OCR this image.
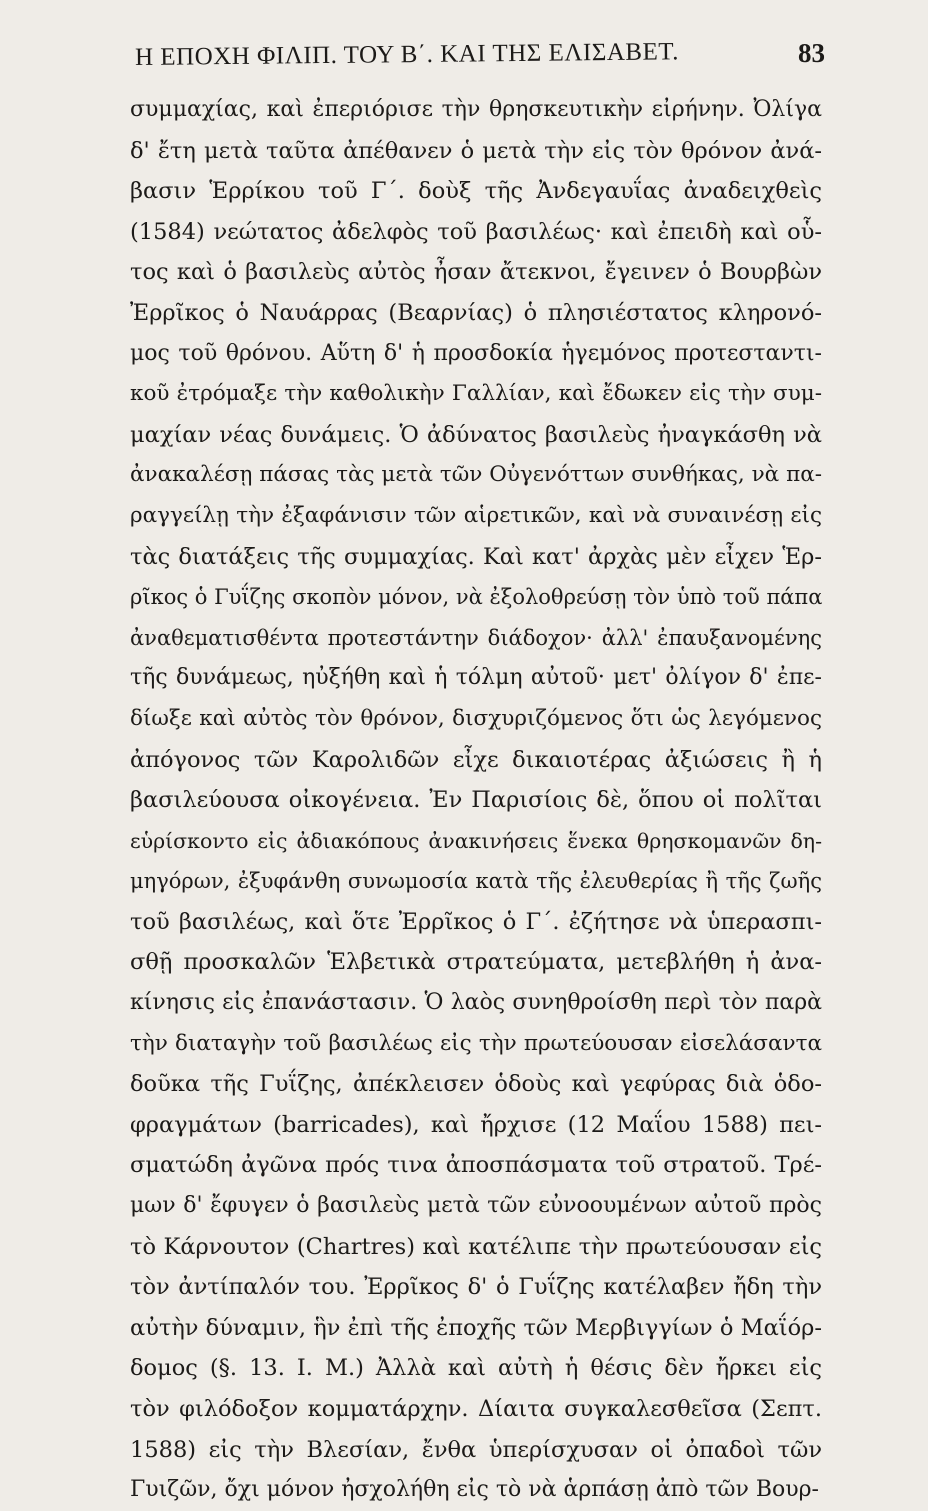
Η ΕΠΟΧΗ ΦΙΛΙΠ. ΤΟΥ Β΄. ΚΑΙ ΤΗΣ ΕΛΙΣΑΒΕΤ.	83
συμμαχίας, καὶ ἐπεριόρισε τὴν θρησκευτικὴν εἰρήνην. Ὀλίγα
δ' ἔτη μετὰ ταῦτα ἀπέθανεν ὁ μετὰ τὴν εἰς τὸν θρόνον ἀνά-
βασιν Ἑρρίκου τοῦ Γ΄. δοὺξ τῆς Ἀνδεγαυΐας ἀναδειχθεὶς
(1584) νεώτατος ἀδελφὸς τοῦ βασιλέως· καὶ ἐπειδὴ καὶ οὗ-
τος καὶ ὁ βασιλεὺς αὐτὸς ἦσαν ἄτεκνοι, ἔγεινεν ὁ Βουρβὼν
Ἐρρῖκος ὁ Ναυάρρας (Βεαρνίας) ὁ πλησιέστατος κληρονό-
μος τοῦ θρόνου. Αὕτη δ' ἡ προσδοκία ἡγεμόνος προτεσταντι-
κοῦ ἐτρόμαξε τὴν καθολικὴν Γαλλίαν, καὶ ἔδωκεν εἰς τὴν συμ-
μαχίαν νέας δυνάμεις. Ὁ ἀδύνατος βασιλεὺς ἠναγκάσθη νὰ
ἀνακαλέσῃ πάσας τὰς μετὰ τῶν Οὐγενόττων συνθήκας, νὰ πα-
ραγγείλῃ τὴν ἐξαφάνισιν τῶν αἱρετικῶν, καὶ νὰ συναινέσῃ εἰς
τὰς διατάξεις τῆς συμμαχίας. Καὶ κατ' ἀρχὰς μὲν εἶχεν Ἑρ-
ρῖκος ὁ Γυΐζης σκοπὸν μόνον, νὰ ἐξολοθρεύσῃ τὸν ὑπὸ τοῦ πάπα
ἀναθεματισθέντα προτεστάντην διάδοχον· ἀλλ' ἐπαυξανομένης
τῆς δυνάμεως, ηὐξήθη καὶ ἡ τόλμη αὐτοῦ· μετ' ὀλίγον δ' ἐπε-
δίωξε καὶ αὐτὸς τὸν θρόνον, δισχυριζόμενος ὅτι ὡς λεγόμενος
ἀπόγονος τῶν Καρολιδῶν εἶχε δικαιοτέρας ἀξιώσεις ἢ ἡ
βασιλεύουσα οἰκογένεια. Ἐν Παρισίοις δὲ, ὅπου οἱ πολῖται
εὑρίσκοντο εἰς ἀδιακόπους ἀνακινήσεις ἕνεκα θρησκομανῶν δη-
μηγόρων, ἐξυφάνθη συνωμοσία κατὰ τῆς ἐλευθερίας ἢ τῆς ζωῆς
τοῦ βασιλέως, καὶ ὅτε Ἐρρῖκος ὁ Γ΄. ἐζήτησε νὰ ὑπερασπι-
σθῇ προσκαλῶν Ἑλβετικὰ στρατεύματα, μετεβλήθη ἡ ἀνα-
κίνησις εἰς ἐπανάστασιν. Ὁ λαὸς συνηθροίσθη περὶ τὸν παρὰ
τὴν διαταγὴν τοῦ βασιλέως εἰς τὴν πρωτεύουσαν εἰσελάσαντα
δοῦκα τῆς Γυΐζης, ἀπέκλεισεν ὁδοὺς καὶ γεφύρας διὰ ὁδο-
φραγμάτων (barricades), καὶ ἤρχισε (12 Μαΐου 1588) πει-
σματώδη ἀγῶνα πρός τινα ἀποσπάσματα τοῦ στρατοῦ. Τρέ-
μων δ' ἔφυγεν ὁ βασιλεὺς μετὰ τῶν εὐνοουμένων αὐτοῦ πρὸς
τὸ Κάρνουτον (Chartres) καὶ κατέλιπε τὴν πρωτεύουσαν εἰς
τὸν ἀντίπαλόν του. Ἐρρῖκος δ' ὁ Γυΐζης κατέλαβεν ἤδη τὴν
αὐτὴν δύναμιν, ἣν ἐπὶ τῆς ἐποχῆς τῶν Μερβιγγίων ὁ Μαΐόρ-
δομος (§. 13. Ι. Μ.) Ἀλλὰ καὶ αὐτὴ ἡ θέσις δὲν ἤρκει εἰς
τὸν φιλόδοξον κομματάρχην. Δίαιτα συγκαλεσθεῖσα (Σεπτ.
1588) εἰς τὴν Βλεσίαν, ἔνθα ὑπερίσχυσαν οἱ ὀπαδοὶ τῶν
Γυιζῶν, ὄχι μόνον ἠσχολήθη εἰς τὸ νὰ ἁρπάσῃ ἀπὸ τῶν Βουρ-
